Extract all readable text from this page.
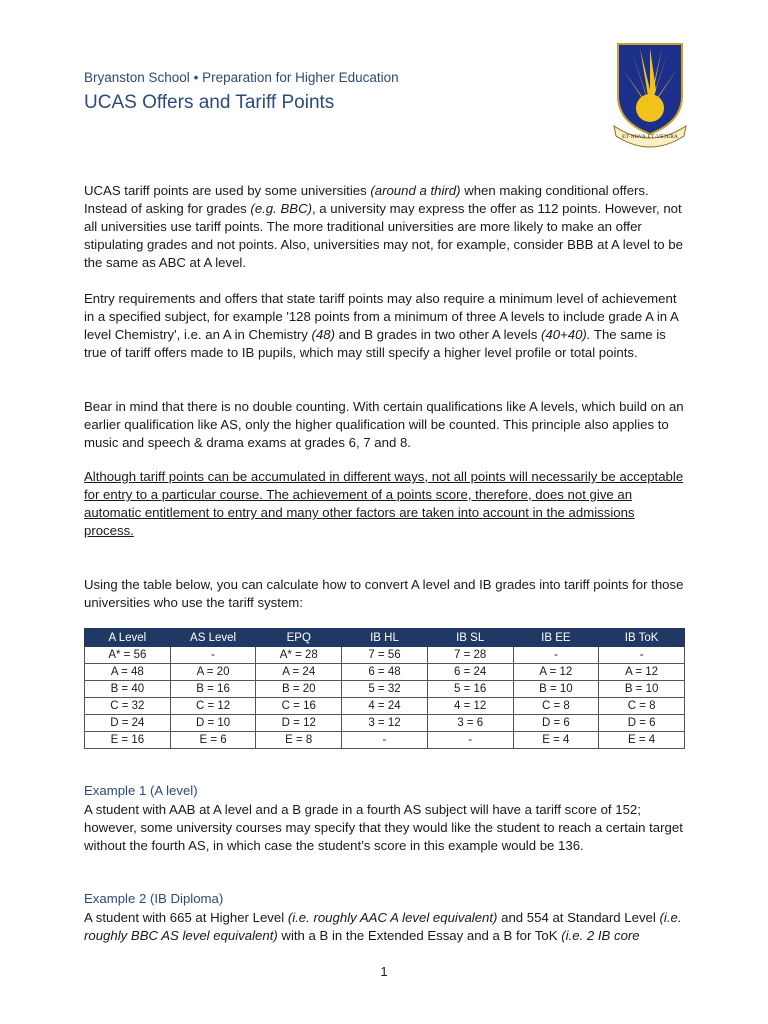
Bryanston School • Preparation for Higher Education

UCAS Offers and Tariff Points
ET·NOVA·ET·VETERA

UCAS tariff points are used by some universities (around a third) when making conditional offers. Instead of asking for grades (e.g. BBC), a university may express the offer as 112 points. However, not all universities use tariff points. The more traditional universities are more likely to make an offer stipulating grades and not points. Also, universities may not, for example, consider BBB at A level to be the same as ABC at A level.

Entry requirements and offers that state tariff points may also require a minimum level of achievement in a specified subject, for example '128 points from a minimum of three A levels to include grade A in A level Chemistry', i.e. an A in Chemistry (48) and B grades in two other A levels (40+40). The same is true of tariff offers made to IB pupils, which may still specify a higher level profile or total points.

Bear in mind that there is no double counting. With certain qualifications like A levels, which build on an earlier qualification like AS, only the higher qualification will be counted. This principle also applies to music and speech & drama exams at grades 6, 7 and 8.

Although tariff points can be accumulated in different ways, not all points will necessarily be acceptable for entry to a particular course. The achievement of a points score, therefore, does not give an automatic entitlement to entry and many other factors are taken into account in the admissions process.

Using the table below, you can calculate how to convert A level and IB grades into tariff points for those universities who use the tariff system:

A Level	AS Level	EPQ	IB HL	IB SL	IB EE	IB ToK
A* = 56	-	A* = 28	7 = 56	7 = 28	-	-
A = 48	A = 20	A = 24	6 = 48	6 = 24	A = 12	A = 12
B = 40	B = 16	B = 20	5 = 32	5 = 16	B = 10	B = 10
C = 32	C = 12	C = 16	4 = 24	4 = 12	C = 8	C = 8
D = 24	D = 10	D = 12	3 = 12	3 = 6	D = 6	D = 6
E = 16	E = 6	E = 8	-	-	E = 4	E = 4

Example 1 (A level)

A student with AAB at A level and a B grade in a fourth AS subject will have a tariff score of 152; however, some university courses may specify that they would like the student to reach a certain target without the fourth AS, in which case the student’s score in this example would be 136.

Example 2 (IB Diploma)

A student with 665 at Higher Level (i.e. roughly AAC A level equivalent) and 554 at Standard Level (i.e. roughly BBC AS level equivalent) with a B in the Extended Essay and a B for ToK (i.e. 2 IB core

1
